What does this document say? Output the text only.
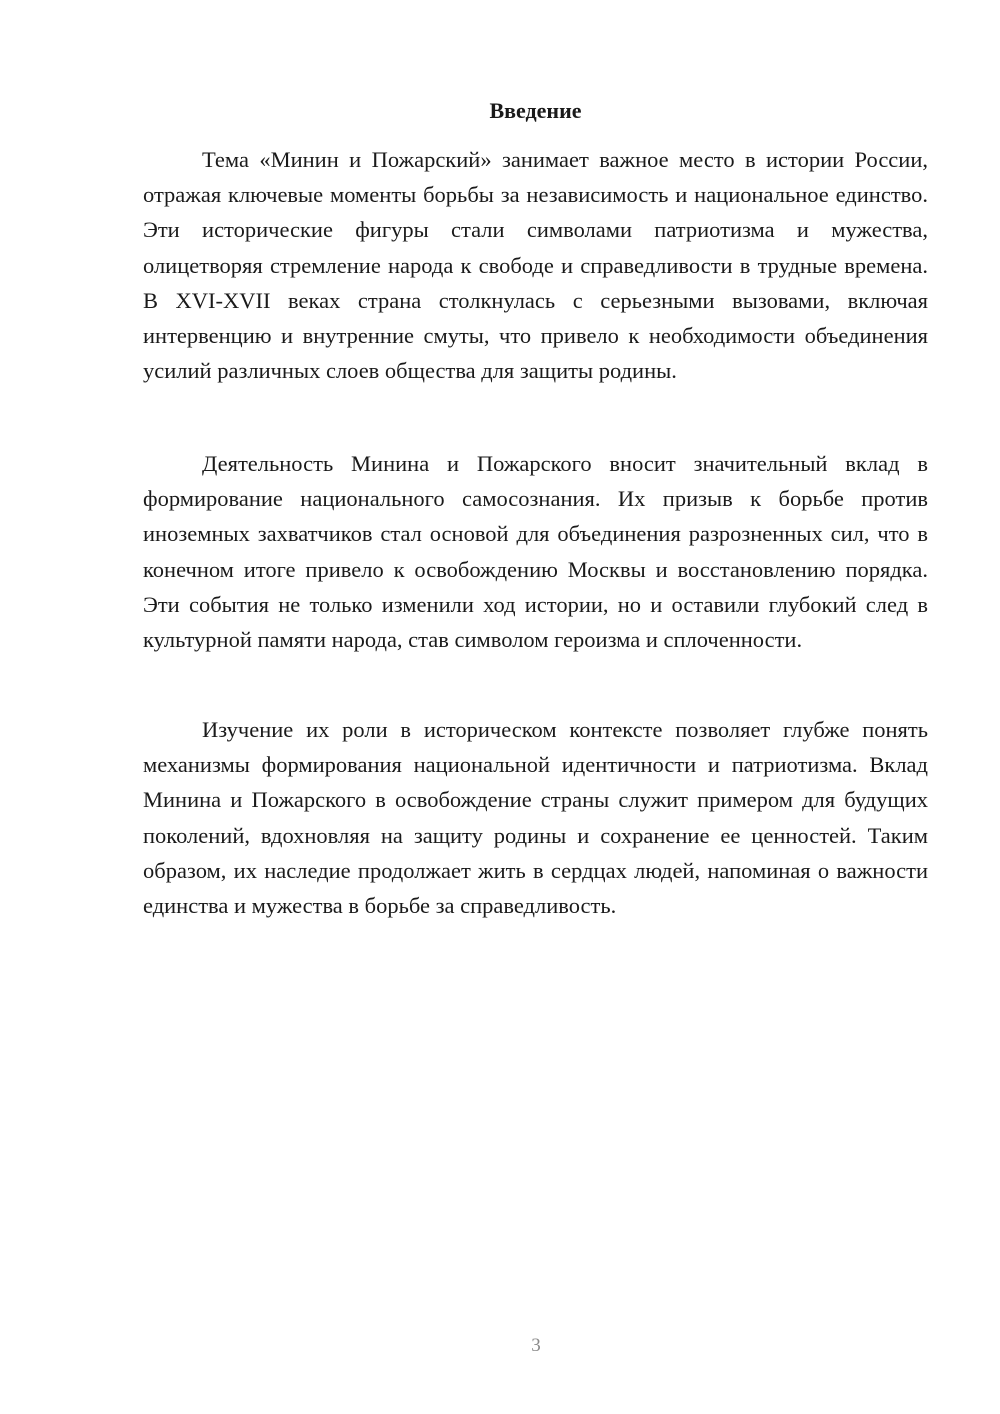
Введение

Тема «Минин и Пожарский» занимает важное место в истории России, отражая ключевые моменты борьбы за независимость и национальное единство. Эти исторические фигуры стали символами патриотизма и мужества, олицетворяя стремление народа к свободе и справедливости в трудные времена. В XVI-XVII веках страна столкнулась с серьезными вызовами, включая интервенцию и внутренние смуты, что привело к необходимости объединения усилий различных слоев общества для защиты родины.

Деятельность Минина и Пожарского вносит значительный вклад в формирование национального самосознания. Их призыв к борьбе против иноземных захватчиков стал основой для объединения разрозненных сил, что в конечном итоге привело к освобождению Москвы и восстановлению порядка. Эти события не только изменили ход истории, но и оставили глубокий след в культурной памяти народа, став символом героизма и сплоченности.

Изучение их роли в историческом контексте позволяет глубже понять механизмы формирования национальной идентичности и патриотизма. Вклад Минина и Пожарского в освобождение страны служит примером для будущих поколений, вдохновляя на защиту родины и сохранение ее ценностей. Таким образом, их наследие продолжает жить в сердцах людей, напоминая о важности единства и мужества в борьбе за справедливость.

3
